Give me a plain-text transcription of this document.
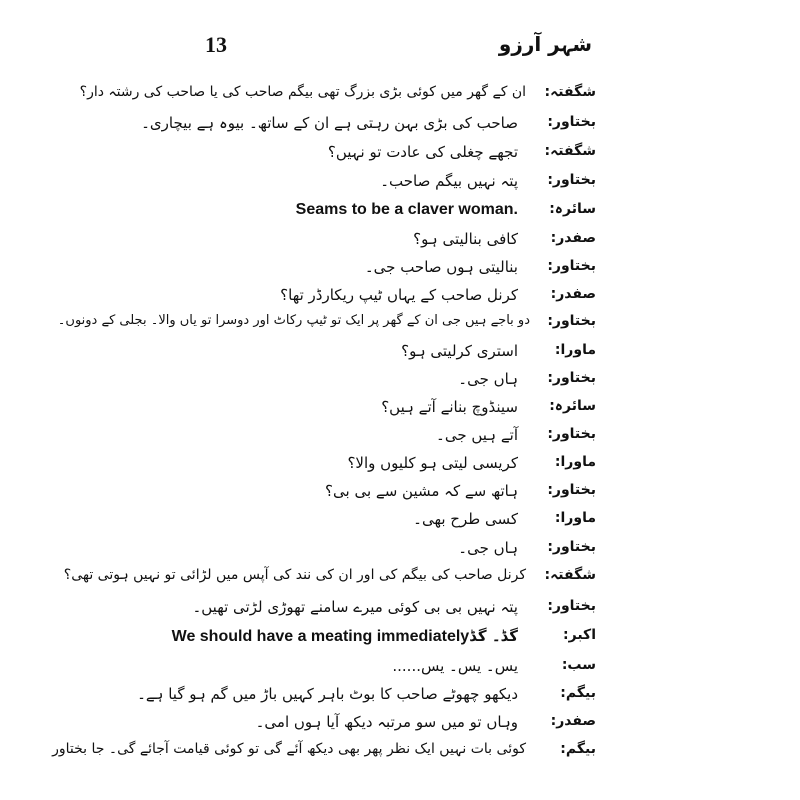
13	شہر آرزو
شگفتہ:
ان کے گھر میں کوئی بڑی بزرگ تھی بیگم صاحب کی یا صاحب کی رشتہ دار؟
بختاور:
صاحب کی بڑی بہن رہتی ہے ان کے ساتھ۔ بیوہ ہے بیچاری۔
شگفتہ:
تجھے چغلی کی عادت تو نہیں؟
بختاور:
پتہ نہیں بیگم صاحب۔
سائرہ:
Seams to be a claver woman.
صفدر:
کافی بنالیتی ہو؟
بختاور:
بنالیتی ہوں صاحب جی۔
صفدر:
کرنل صاحب کے یہاں ٹیپ ریکارڈر تھا؟
بختاور:
دو باجے ہیں جی ان کے گھر پر ایک تو ٹیپ رکاٹ اور دوسرا تو یاں والا۔ بجلی کے دونوں۔
ماورا:
استری کرلیتی ہو؟
بختاور:
ہاں جی۔
سائرہ:
سینڈوچ بنانے آتے ہیں؟
بختاور:
آتے ہیں جی۔
ماورا:
کریسی لیتی ہو کلیوں والا؟
بختاور:
ہاتھ سے کہ مشین سے بی بی؟
ماورا:
کسی طرح بھی۔
بختاور:
ہاں جی۔
شگفتہ:
کرنل صاحب کی بیگم کی اور ان کی نند کی آپس میں لڑائی تو نہیں ہوتی تھی؟
بختاور:
پتہ نہیں بی بی کوئی میرے سامنے تھوڑی لڑتی تھیں۔
اکبر:
گڈ۔ گڈWe should have a meating immediately
سب:
یس۔ یس۔ یس......
بیگم:
دیکھو چھوٹے صاحب کا بوٹ باہر کہیں باڑ میں گم ہو گیا ہے۔
صفدر:
وہاں تو میں سو مرتبہ دیکھ آیا ہوں امی۔
بیگم:
کوئی بات نہیں ایک نظر پھر بھی دیکھ آئے گی تو کوئی قیامت آجائے گی۔ جا بختاور
